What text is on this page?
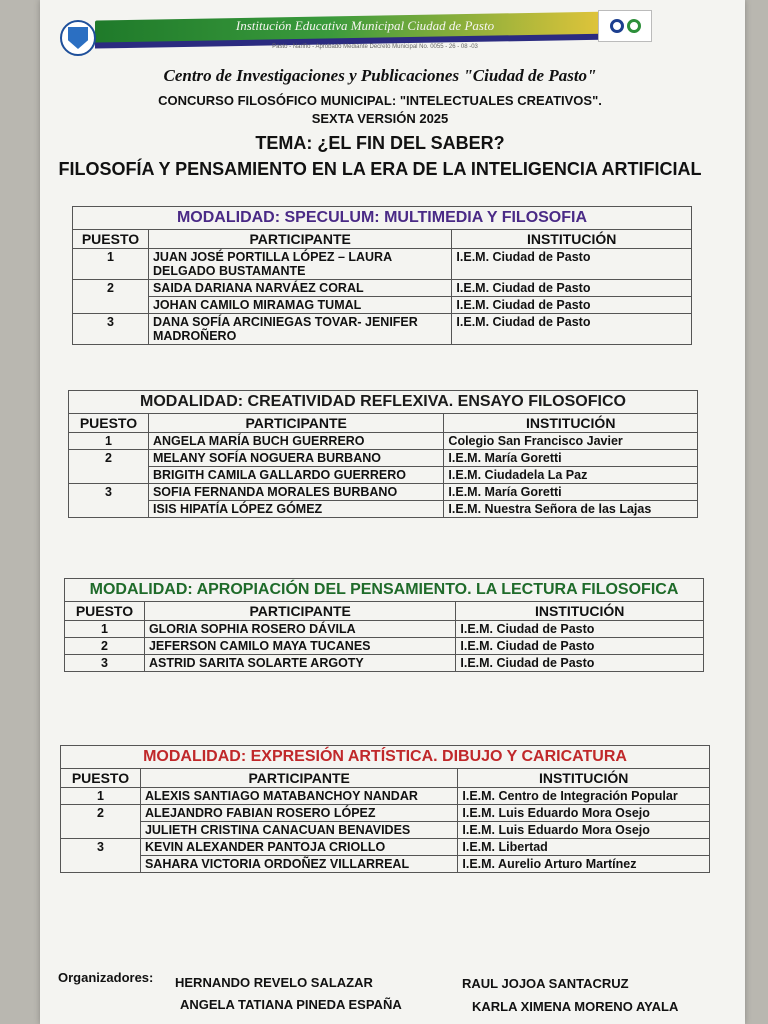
Institución Educativa Municipal Ciudad de Pasto
Pasto - Nariño - Aprobado Mediante Decreto Municipal No. 0055 - 26 - 08 -03
Centro de Investigaciones y Publicaciones "Ciudad de Pasto"
CONCURSO FILOSÓFICO MUNICIPAL: "INTELECTUALES CREATIVOS".
SEXTA VERSIÓN 2025
TEMA: ¿EL FIN DEL SABER?
FILOSOFÍA Y PENSAMIENTO EN LA ERA DE LA INTELIGENCIA ARTIFICIAL
MODALIDAD: SPECULUM: MULTIMEDIA Y FILOSOFIA		
PUESTO	PARTICIPANTE	INSTITUCIÓN
1	JUAN JOSÉ PORTILLA LÓPEZ – LAURA DELGADO BUSTAMANTE	I.E.M. Ciudad de Pasto
2	SAIDA DARIANA NARVÁEZ CORAL	I.E.M. Ciudad de Pasto
	JOHAN CAMILO MIRAMAG TUMAL	I.E.M. Ciudad de Pasto
3	DANA SOFÍA ARCINIEGAS TOVAR- JENIFER MADROÑERO	I.E.M. Ciudad de Pasto
MODALIDAD: CREATIVIDAD REFLEXIVA. ENSAYO FILOSOFICO		
PUESTO	PARTICIPANTE	INSTITUCIÓN
1	ANGELA MARÍA BUCH GUERRERO	Colegio San Francisco Javier
2	MELANY SOFÍA NOGUERA BURBANO	I.E.M. María Goretti
	BRIGITH CAMILA GALLARDO GUERRERO	I.E.M. Ciudadela La Paz
3	SOFIA FERNANDA MORALES BURBANO	I.E.M. María Goretti
	ISIS HIPATÍA LÓPEZ GÓMEZ	I.E.M. Nuestra Señora de las Lajas
MODALIDAD: APROPIACIÓN DEL PENSAMIENTO. LA LECTURA FILOSOFICA		
PUESTO	PARTICIPANTE	INSTITUCIÓN
1	GLORIA SOPHIA ROSERO DÁVILA	I.E.M. Ciudad de Pasto
2	JEFERSON CAMILO MAYA TUCANES	I.E.M. Ciudad de Pasto
3	ASTRID SARITA SOLARTE ARGOTY	I.E.M. Ciudad de Pasto
MODALIDAD: EXPRESIÓN ARTÍSTICA. DIBUJO Y CARICATURA		
PUESTO	PARTICIPANTE	INSTITUCIÓN
1	ALEXIS SANTIAGO MATABANCHOY NANDAR	I.E.M. Centro de Integración Popular
2	ALEJANDRO FABIAN ROSERO LÓPEZ	I.E.M. Luis Eduardo Mora Osejo
	JULIETH CRISTINA CANACUAN BENAVIDES	I.E.M. Luis Eduardo Mora Osejo
3	KEVIN ALEXANDER PANTOJA CRIOLLO	I.E.M. Libertad
	SAHARA VICTORIA ORDOÑEZ VILLARREAL	I.E.M. Aurelio Arturo Martínez
Organizadores: HERNANDO REVELO SALAZAR	RAUL JOJOA SANTACRUZ
ANGELA TATIANA PINEDA ESPAÑA	KARLA XIMENA MORENO AYALA
